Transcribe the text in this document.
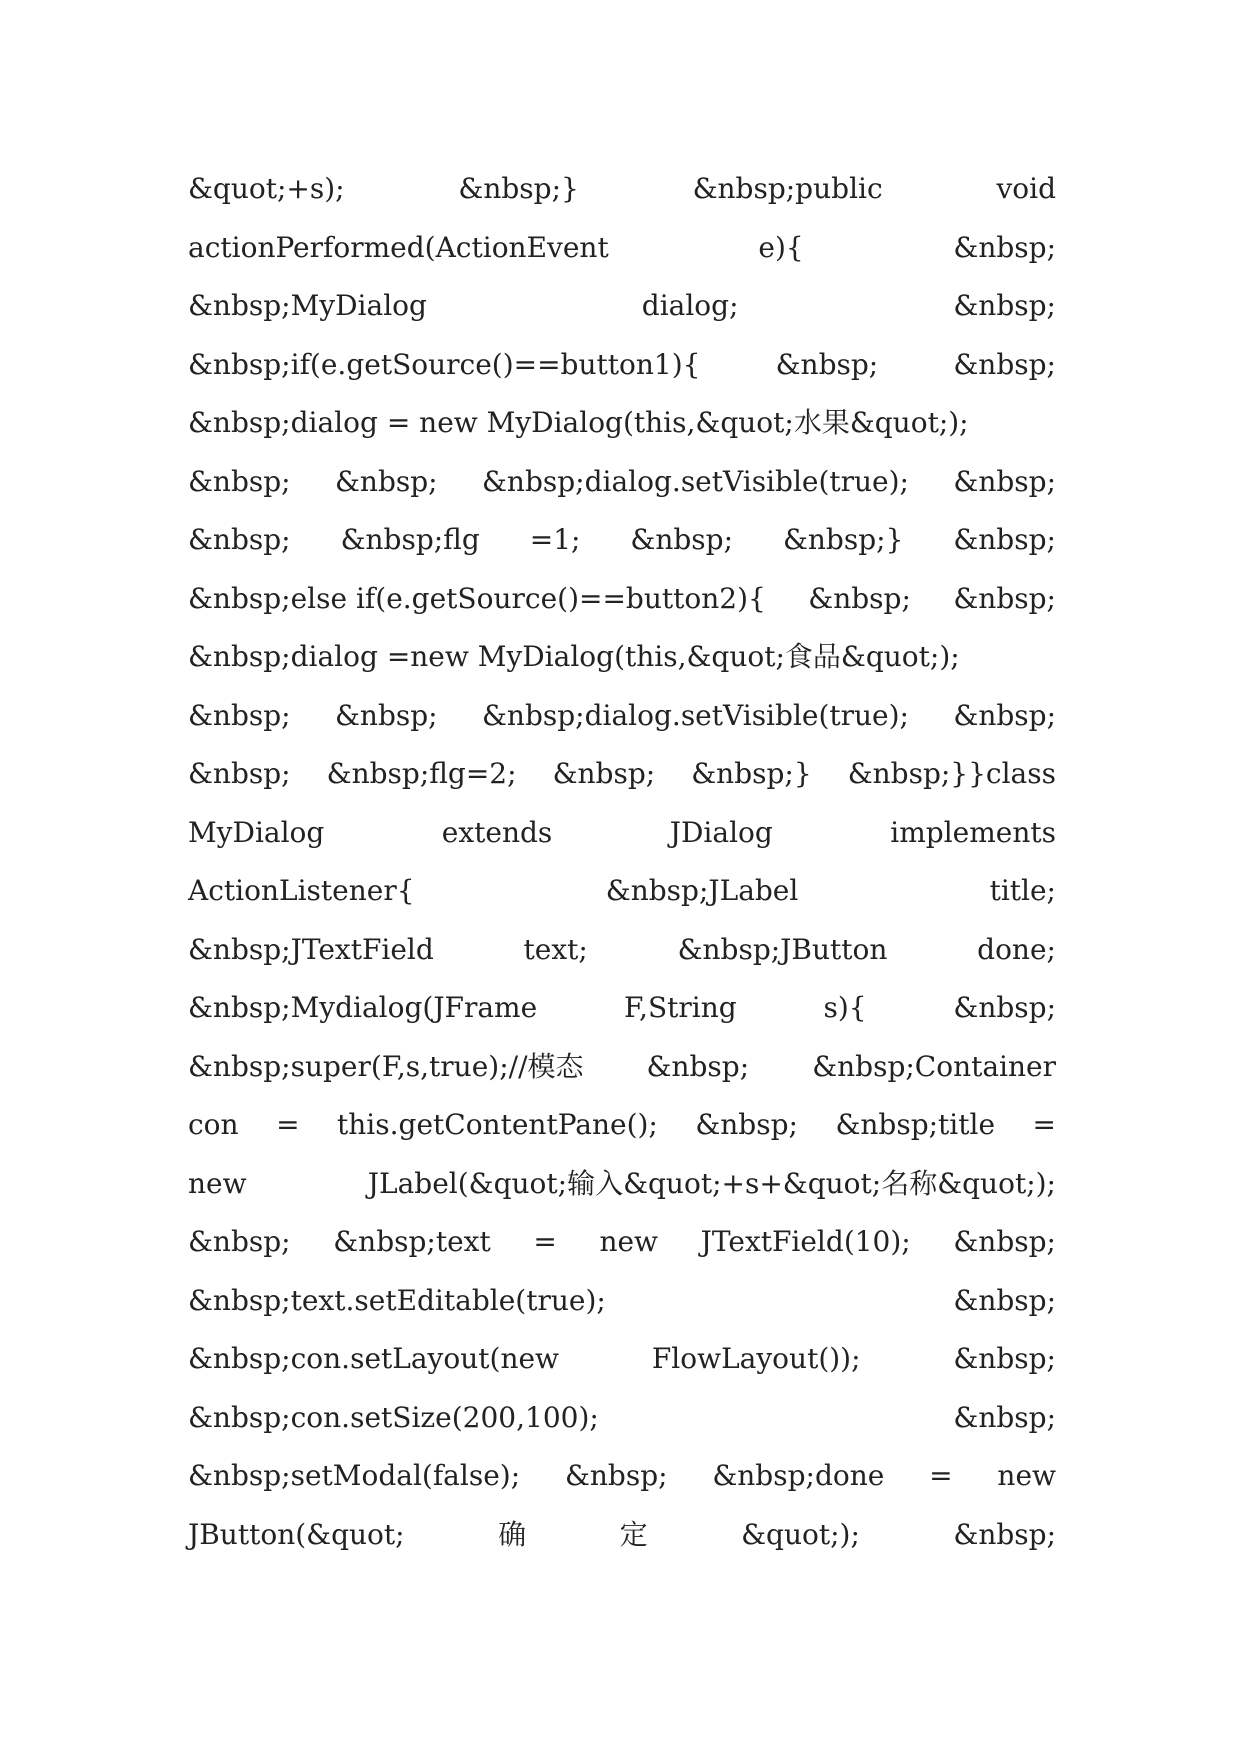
&quot;+s);	&nbsp;}	&nbsp;public	void
actionPerformed(ActionEvent	e){	&nbsp;
&nbsp;MyDialog	dialog;	&nbsp;
&nbsp;if(e.getSource()==button1){	&nbsp;	&nbsp;
&nbsp;dialog = new MyDialog(this,&quot;水果&quot;);
&nbsp; &nbsp; &nbsp;dialog.setVisible(true); &nbsp;
&nbsp; &nbsp;flg =1; &nbsp; &nbsp;} &nbsp;
&nbsp;else if(e.getSource()==button2){ &nbsp; &nbsp;
&nbsp;dialog =new MyDialog(this,&quot;食品&quot;);
&nbsp; &nbsp; &nbsp;dialog.setVisible(true); &nbsp;
&nbsp; &nbsp;flg=2; &nbsp; &nbsp;} &nbsp;}}class
MyDialog	extends	JDialog	implements
ActionListener{	&nbsp;JLabel	title;
&nbsp;JTextField	text;	&nbsp;JButton	done;
&nbsp;Mydialog(JFrame	F,String	s){	&nbsp;
&nbsp;super(F,s,true);//模态 &nbsp; &nbsp;Container
con = this.getContentPane(); &nbsp; &nbsp;title =
new	JLabel(&quot;输入&quot;+s+&quot;名称&quot;);
&nbsp; &nbsp;text = new JTextField(10); &nbsp;
&nbsp;text.setEditable(true);	&nbsp;
&nbsp;con.setLayout(new	FlowLayout());	&nbsp;
&nbsp;con.setSize(200,100);	&nbsp;
&nbsp;setModal(false); &nbsp; &nbsp;done = new
JButton(&quot;	确	定	&quot;);	&nbsp;
